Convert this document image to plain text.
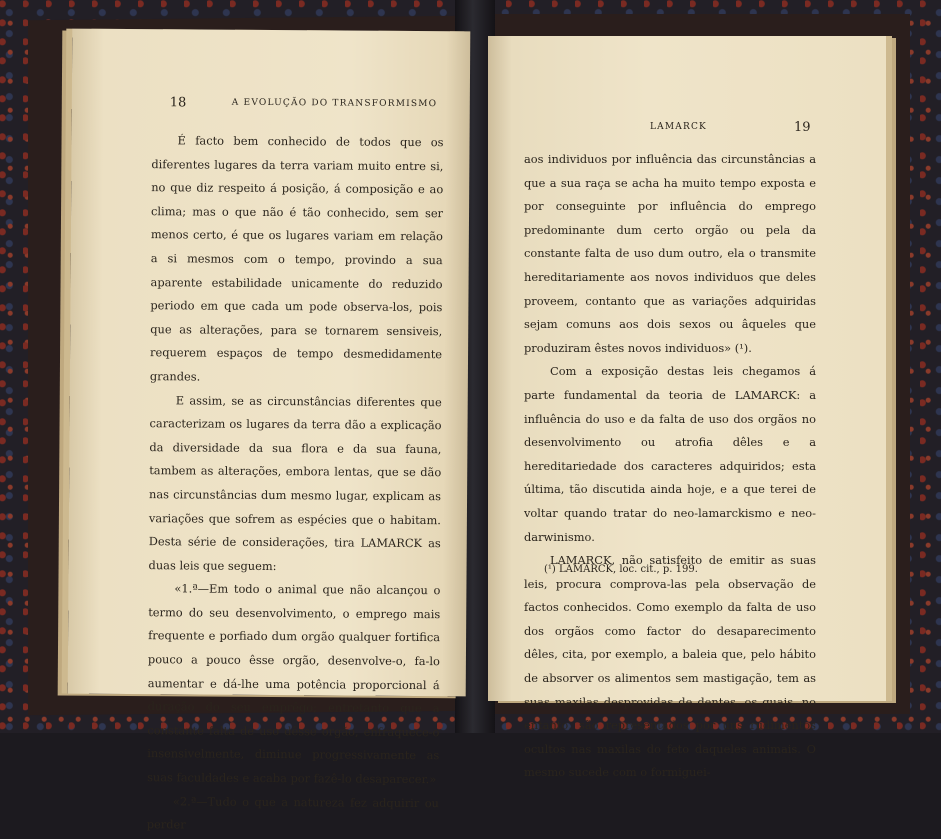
18	A EVOLUÇÃO DO TRANSFORMISMO

É facto bem conhecido de todos que os diferentes lugares da terra variam muito entre si, no que diz respeito á posição, á composição e ao clima; mas o que não é tão conhecido, sem ser menos certo, é que os lugares variam em relação a si mesmos com o tempo, provindo a sua aparente estabilidade unicamente do reduzido periodo em que cada um pode observa-los, pois que as alterações, para se tornarem sensiveis, requerem espaços de tempo desmedidamente grandes.

E assim, se as circunstâncias diferentes que caracterizam os lugares da terra dão a explicação da diversidade da sua flora e da sua fauna, tambem as alterações, embora lentas, que se dão nas circunstâncias dum mesmo lugar, explicam as variações que sofrem as espécies que o habitam. Desta série de considerações, tira LAMARCK as duas leis que seguem:

«1.ª—Em todo o animal que não alcançou o termo do seu desenvolvimento, o emprego mais frequente e porfiado dum orgão qualquer fortifica pouco a pouco êsse orgão, desenvolve-o, fa-lo aumentar e dá-lhe uma potência proporcional á duração do seu emprêgo; entretanto que a constante falta de uso dêsse orgão, enfraquece-o insensivelmente, diminue progressivamente as suas faculdades e acaba por fazê-lo desaparecer.»

«2.ª—Tudo o que a natureza fez adquirir ou perder

LAMARCK	19

aos individuos por influência das circunstâncias a que a sua raça se acha ha muito tempo exposta e por conseguinte por influência do emprego predominante dum certo orgão ou pela da constante falta de uso dum outro, ela o transmite hereditariamente aos novos individuos que deles proveem, contanto que as variações adquiridas sejam comuns aos dois sexos ou âqueles que produziram êstes novos individuos» (¹).

Com a exposição destas leis chegamos á parte fundamental da teoria de LAMARCK: a influência do uso e da falta de uso dos orgãos no desenvolvimento ou atrofia dêles e a hereditariedade dos caracteres adquiridos; esta última, tão discutida ainda hoje, e a que terei de voltar quando tratar do neo-lamarckismo e neo-darwinismo.

LAMARCK, não satisfeito de emitir as suas leis, procura comprova-las pela observação de factos conhecidos. Como exemplo da falta de uso dos orgãos como factor do desaparecimento dêles, cita, por exemplo, a baleia que, pelo hábito de absorver os alimentos sem mastigação, tem as suas maxilas desprovidas de dentes, os quais, no entanto, são representados por uns rudimentos ocultos nas maxilas do feto daqueles animais. O mesmo sucede com o formiguei-

(¹) LAMARCK, loc. cit., p. 199.
